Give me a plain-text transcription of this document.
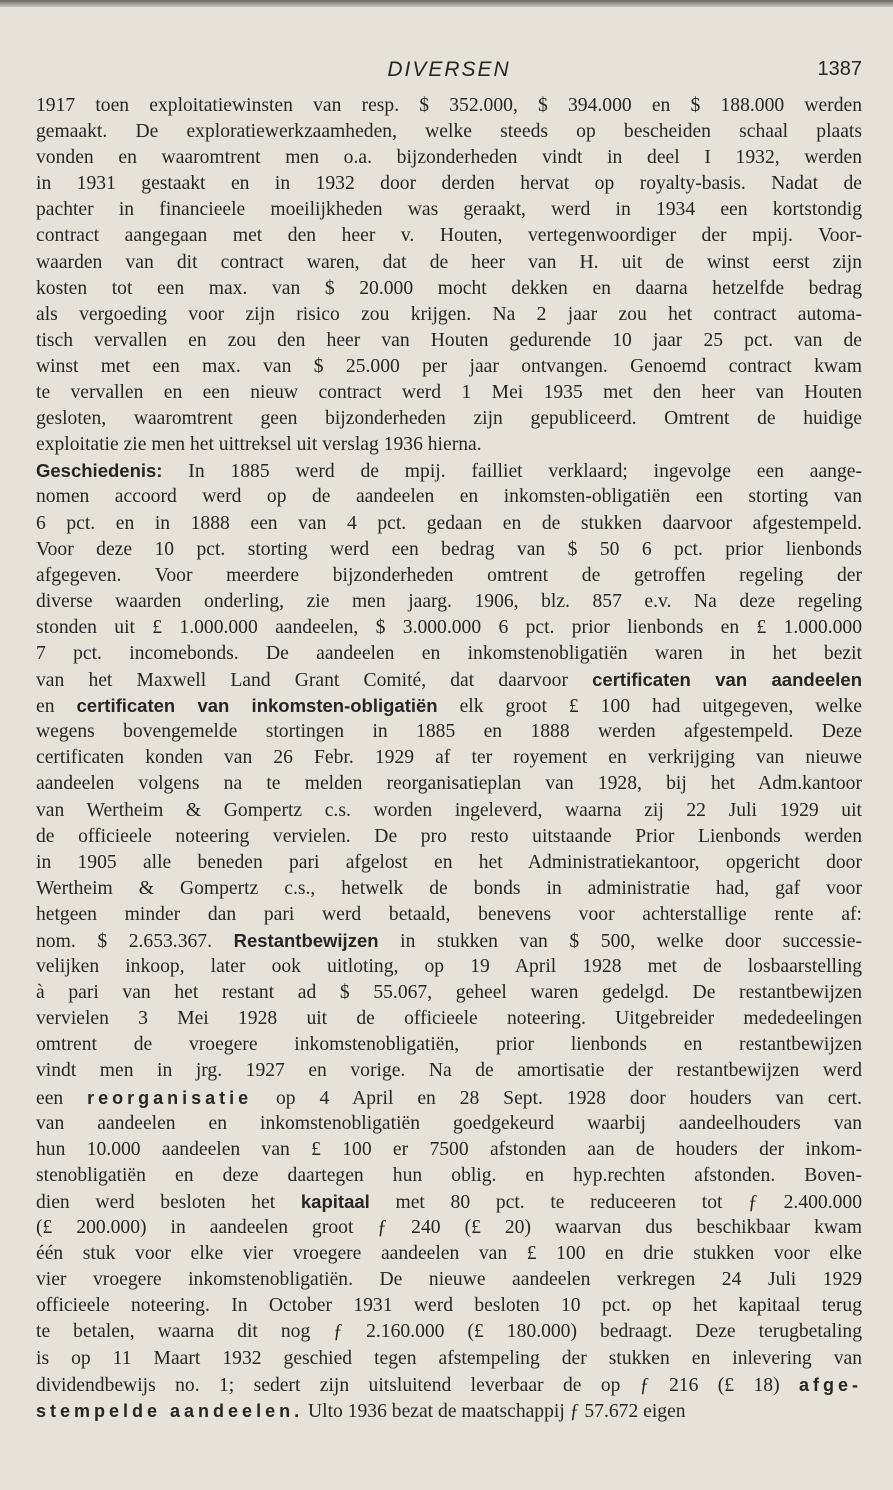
DIVERSEN	1387
1917 toen exploitatiewinsten van resp. $ 352.000, $ 394.000 en $ 188.000 werden
gemaakt. De exploratiewerkzaamheden, welke steeds op bescheiden schaal plaats
vonden en waaromtrent men o.a. bijzonderheden vindt in deel I 1932, werden
in 1931 gestaakt en in 1932 door derden hervat op royalty-basis. Nadat de
pachter in financieele moeilijkheden was geraakt, werd in 1934 een kortstondig
contract aangegaan met den heer v. Houten, vertegenwoordiger der mpij. Voor-
waarden van dit contract waren, dat de heer van H. uit de winst eerst zijn
kosten tot een max. van $ 20.000 mocht dekken en daarna hetzelfde bedrag
als vergoeding voor zijn risico zou krijgen. Na 2 jaar zou het contract automa-
tisch vervallen en zou den heer van Houten gedurende 10 jaar 25 pct. van de
winst met een max. van $ 25.000 per jaar ontvangen. Genoemd contract kwam
te vervallen en een nieuw contract werd 1 Mei 1935 met den heer van Houten
gesloten, waaromtrent geen bijzonderheden zijn gepubliceerd. Omtrent de huidige
exploitatie zie men het uittreksel uit verslag 1936 hierna.
Geschiedenis: In 1885 werd de mpij. failliet verklaard; ingevolge een aange-
nomen accoord werd op de aandeelen en inkomsten-obligatiën een storting van
6 pct. en in 1888 een van 4 pct. gedaan en de stukken daarvoor afgestempeld.
Voor deze 10 pct. storting werd een bedrag van $ 50 6 pct. prior lienbonds
afgegeven. Voor meerdere bijzonderheden omtrent de getroffen regeling der
diverse waarden onderling, zie men jaarg. 1906, blz. 857 e.v. Na deze regeling
stonden uit £ 1.000.000 aandeelen, $ 3.000.000 6 pct. prior lienbonds en £ 1.000.000
7 pct. incomebonds. De aandeelen en inkomstenobligatiën waren in het bezit
van het Maxwell Land Grant Comité, dat daarvoor certificaten van aandeelen
en certificaten van inkomsten-obligatiën elk groot £ 100 had uitgegeven, welke
wegens bovengemelde stortingen in 1885 en 1888 werden afgestempeld. Deze
certificaten konden van 26 Febr. 1929 af ter royement en verkrijging van nieuwe
aandeelen volgens na te melden reorganisatieplan van 1928, bij het Adm.kantoor
van Wertheim & Gompertz c.s. worden ingeleverd, waarna zij 22 Juli 1929 uit
de officieele noteering vervielen. De pro resto uitstaande Prior Lienbonds werden
in 1905 alle beneden pari afgelost en het Administratiekantoor, opgericht door
Wertheim & Gompertz c.s., hetwelk de bonds in administratie had, gaf voor
hetgeen minder dan pari werd betaald, benevens voor achterstallige rente af:
nom. $ 2.653.367. Restantbewijzen in stukken van $ 500, welke door successie-
velijken inkoop, later ook uitloting, op 19 April 1928 met de losbaarstelling
à pari van het restant ad $ 55.067, geheel waren gedelgd. De restantbewijzen
vervielen 3 Mei 1928 uit de officieele noteering. Uitgebreider mededeelingen
omtrent de vroegere inkomstenobligatiën, prior lienbonds en restantbewijzen
vindt men in jrg. 1927 en vorige. Na de amortisatie der restantbewijzen werd
een reorganisatie op 4 April en 28 Sept. 1928 door houders van cert.
van aandeelen en inkomstenobligatiën goedgekeurd waarbij aandeelhouders van
hun 10.000 aandeelen van £ 100 er 7500 afstonden aan de houders der inkom-
stenobligatiën en deze daartegen hun oblig. en hyp.rechten afstonden. Boven-
dien werd besloten het kapitaal met 80 pct. te reduceeren tot ƒ 2.400.000
(£ 200.000) in aandeelen groot ƒ 240 (£ 20) waarvan dus beschikbaar kwam
één stuk voor elke vier vroegere aandeelen van £ 100 en drie stukken voor elke
vier vroegere inkomstenobligatiën. De nieuwe aandeelen verkregen 24 Juli 1929
officieele noteering. In October 1931 werd besloten 10 pct. op het kapitaal terug
te betalen, waarna dit nog ƒ 2.160.000 (£ 180.000) bedraagt. Deze terugbetaling
is op 11 Maart 1932 geschied tegen afstempeling der stukken en inlevering van
dividendbewijs no. 1; sedert zijn uitsluitend leverbaar de op ƒ 216 (£ 18) afge-
stempelde aandeelen. Ulto 1936 bezat de maatschappij ƒ 57.672 eigen
